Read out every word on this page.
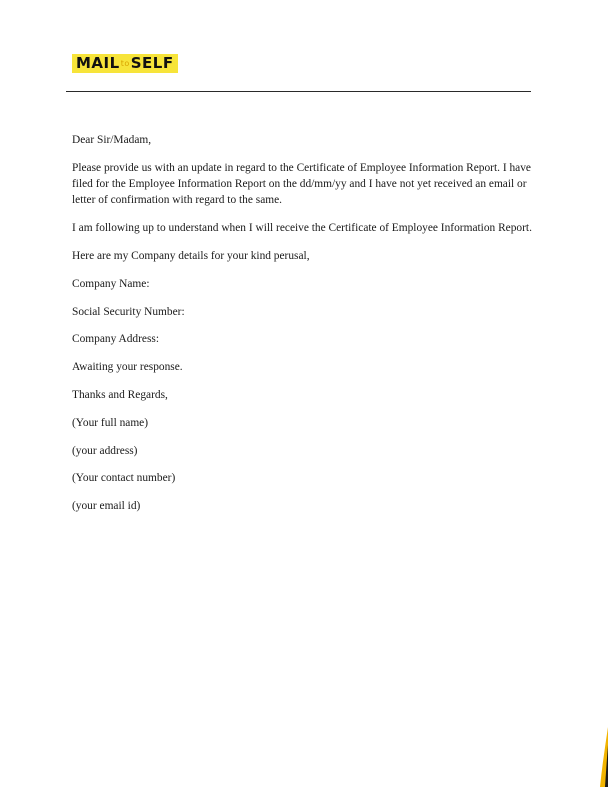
MAIL to SELF

Dear Sir/Madam,

Please provide us with an update in regard to the Certificate of Employee Information Report. I have filed for the Employee Information Report on the dd/mm/yy and I have not yet received an email or letter of confirmation with regard to the same.

I am following up to understand when I will receive the Certificate of Employee Information Report.

Here are my Company details for your kind perusal,

Company Name:

Social Security Number:

Company Address:

Awaiting your response.

Thanks and Regards,

(Your full name)

(your address)

(Your contact number)

(your email id)
